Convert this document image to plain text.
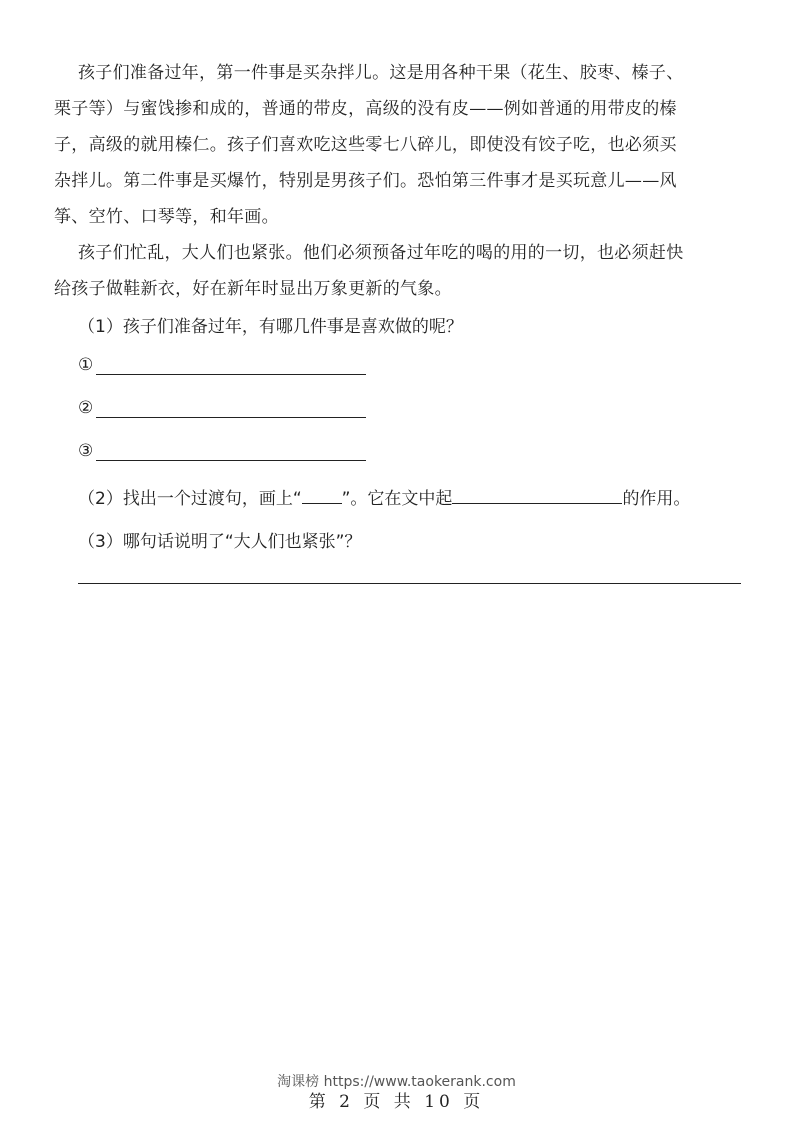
孩子们准备过年，第一件事是买杂拌儿。这是用各种干果（花生、胶枣、榛子、
栗子等）与蜜饯掺和成的，普通的带皮，高级的没有皮——例如普通的用带皮的榛
子，高级的就用榛仁。孩子们喜欢吃这些零七八碎儿，即使没有饺子吃，也必须买
杂拌儿。第二件事是买爆竹，特别是男孩子们。恐怕第三件事才是买玩意儿——风
筝、空竹、口琴等，和年画。

孩子们忙乱，大人们也紧张。他们必须预备过年吃的喝的用的一切，也必须赶快
给孩子做鞋新衣，好在新年时显出万象更新的气象。

（1）孩子们准备过年，有哪几件事是喜欢做的呢？
①
②
③
（2）找出一个过渡句，画上“ ”。它在文中起	的作用。
（3）哪句话说明了“大人们也紧张”？
淘课榜 https://www.taokerank.com
第 2 页 共 10 页
